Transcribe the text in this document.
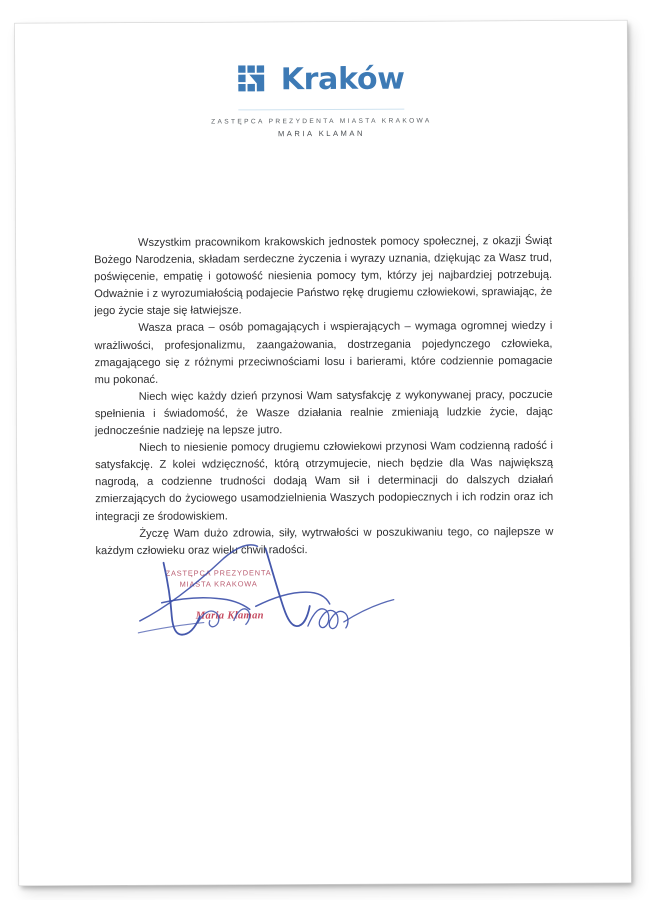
Kraków
ZASTĘPCA PREZYDENTA MIASTA KRAKOWA
MARIA KLAMAN

Wszystkim pracownikom krakowskich jednostek pomocy społecznej, z okazji Świąt Bożego Narodzenia, składam serdeczne życzenia i wyrazy uznania, dziękując za Wasz trud, poświęcenie, empatię i gotowość niesienia pomocy tym, którzy jej najbardziej potrzebują. Odważnie i z wyrozumiałością podajecie Państwo rękę drugiemu człowiekowi, sprawiając, że jego życie staje się łatwiejsze.

Wasza praca – osób pomagających i wspierających – wymaga ogromnej wiedzy i wrażliwości, profesjonalizmu, zaangażowania, dostrzegania pojedynczego człowieka, zmagającego się z różnymi przeciwnościami losu i barierami, które codziennie pomagacie mu pokonać.

Niech więc każdy dzień przynosi Wam satysfakcję z wykonywanej pracy, poczucie spełnienia i świadomość, że Wasze działania realnie zmieniają ludzkie życie, dając jednocześnie nadzieję na lepsze jutro.

Niech to niesienie pomocy drugiemu człowiekowi przynosi Wam codzienną radość i satysfakcję. Z kolei wdzięczność, którą otrzymujecie, niech będzie dla Was największą nagrodą, a codzienne trudności dodają Wam sił i determinacji do dalszych działań zmierzających do życiowego usamodzielnienia Waszych podopiecznych i ich rodzin oraz ich integracji ze środowiskiem.

Życzę Wam dużo zdrowia, siły, wytrwałości w poszukiwaniu tego, co najlepsze w każdym człowieku oraz wielu chwil radości.

ZASTĘPCA PREZYDENTA
MIASTA KRAKOWA
Maria Klaman
